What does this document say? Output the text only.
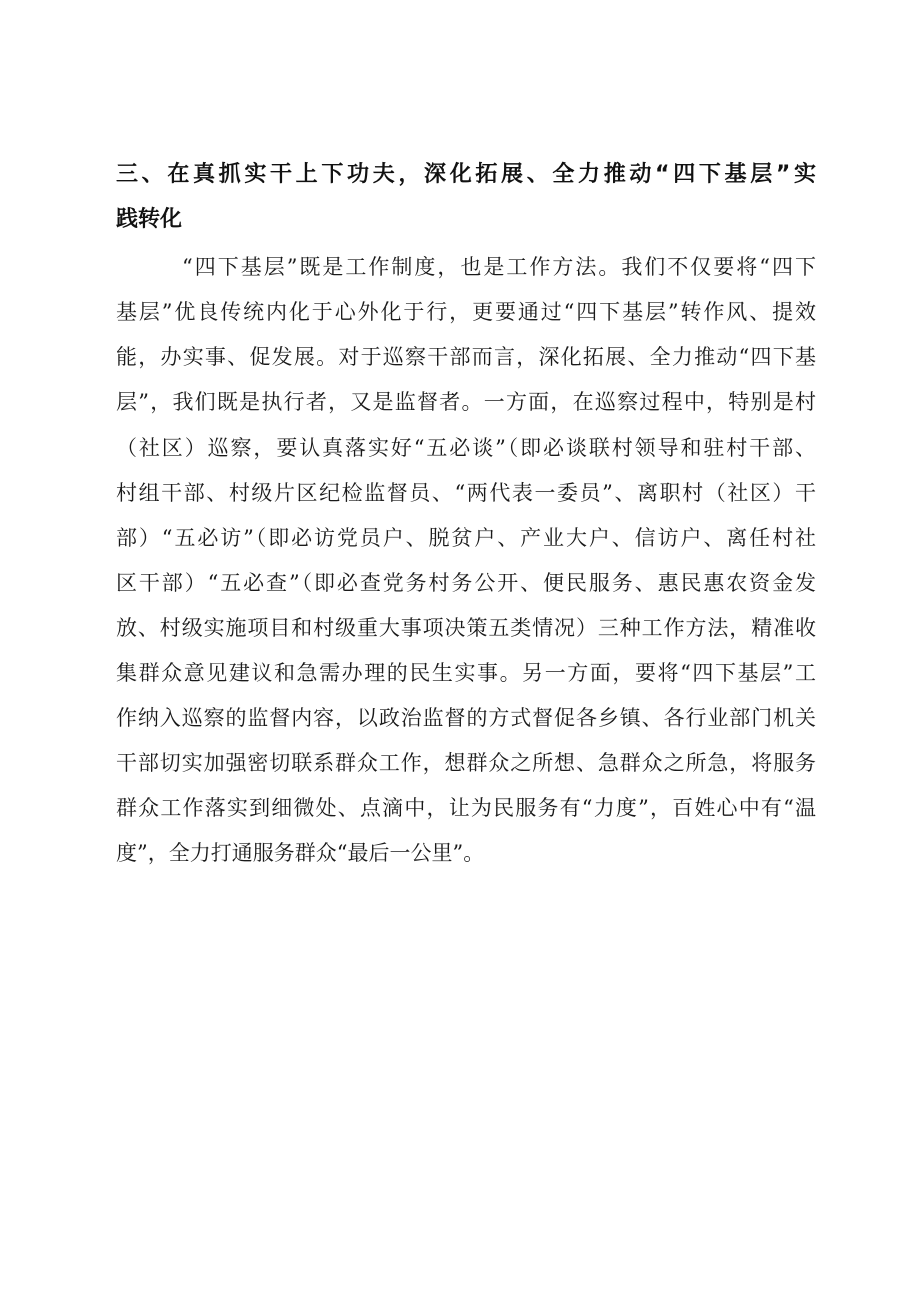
三、在真抓实干上下功夫，深化拓展、全力推动“四下基层”实

践转化

“四下基层”既是工作制度，也是工作方法。我们不仅要将“四下

基层”优良传统内化于心外化于行，更要通过“四下基层”转作风、提效

能，办实事、促发展。对于巡察干部而言，深化拓展、全力推动“四下基

层”，我们既是执行者，又是监督者。一方面，在巡察过程中，特别是村

（社区）巡察，要认真落实好“五必谈”（即必谈联村领导和驻村干部、

村组干部、村级片区纪检监督员、“两代表一委员”、离职村（社区）干

部）“五必访”（即必访党员户、脱贫户、产业大户、信访户、离任村社

区干部）“五必查”（即必查党务村务公开、便民服务、惠民惠农资金发

放、村级实施项目和村级重大事项决策五类情况）三种工作方法，精准收

集群众意见建议和急需办理的民生实事。另一方面，要将“四下基层”工

作纳入巡察的监督内容，以政治监督的方式督促各乡镇、各行业部门机关

干部切实加强密切联系群众工作，想群众之所想、急群众之所急，将服务

群众工作落实到细微处、点滴中，让为民服务有“力度”，百姓心中有“温

度”，全力打通服务群众“最后一公里”。
